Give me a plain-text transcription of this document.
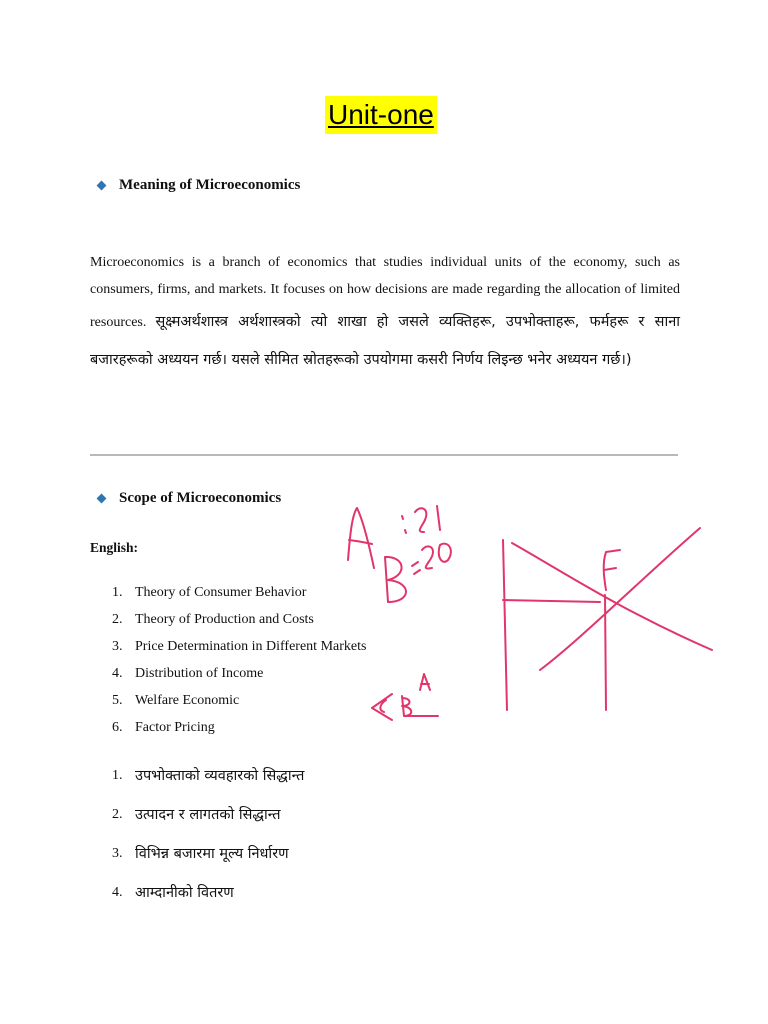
Unit-one
Meaning of Microeconomics
Microeconomics is a branch of economics that studies individual units of the economy, such as consumers, firms, and markets. It focuses on how decisions are made regarding the allocation of limited resources. सूक्ष्मअर्थशास्त्र अर्थशास्त्रको त्यो शाखा हो जसले व्यक्तिहरू, उपभोक्ताहरू, फर्महरू र साना बजारहरूको अध्ययन गर्छ। यसले सीमित स्रोतहरूको उपयोगमा कसरी निर्णय लिइन्छ भनेर अध्ययन गर्छ।)
Scope of Microeconomics
English:
1. Theory of Consumer Behavior
2. Theory of Production and Costs
3. Price Determination in Different Markets
4. Distribution of Income
5. Welfare Economic
6. Factor Pricing
1. उपभोक्ताको व्यवहारको सिद्धान्त
2. उत्पादन र लागतको सिद्धान्त
3. विभिन्न बजारमा मूल्य निर्धारण
4. आम्दानीको वितरण
